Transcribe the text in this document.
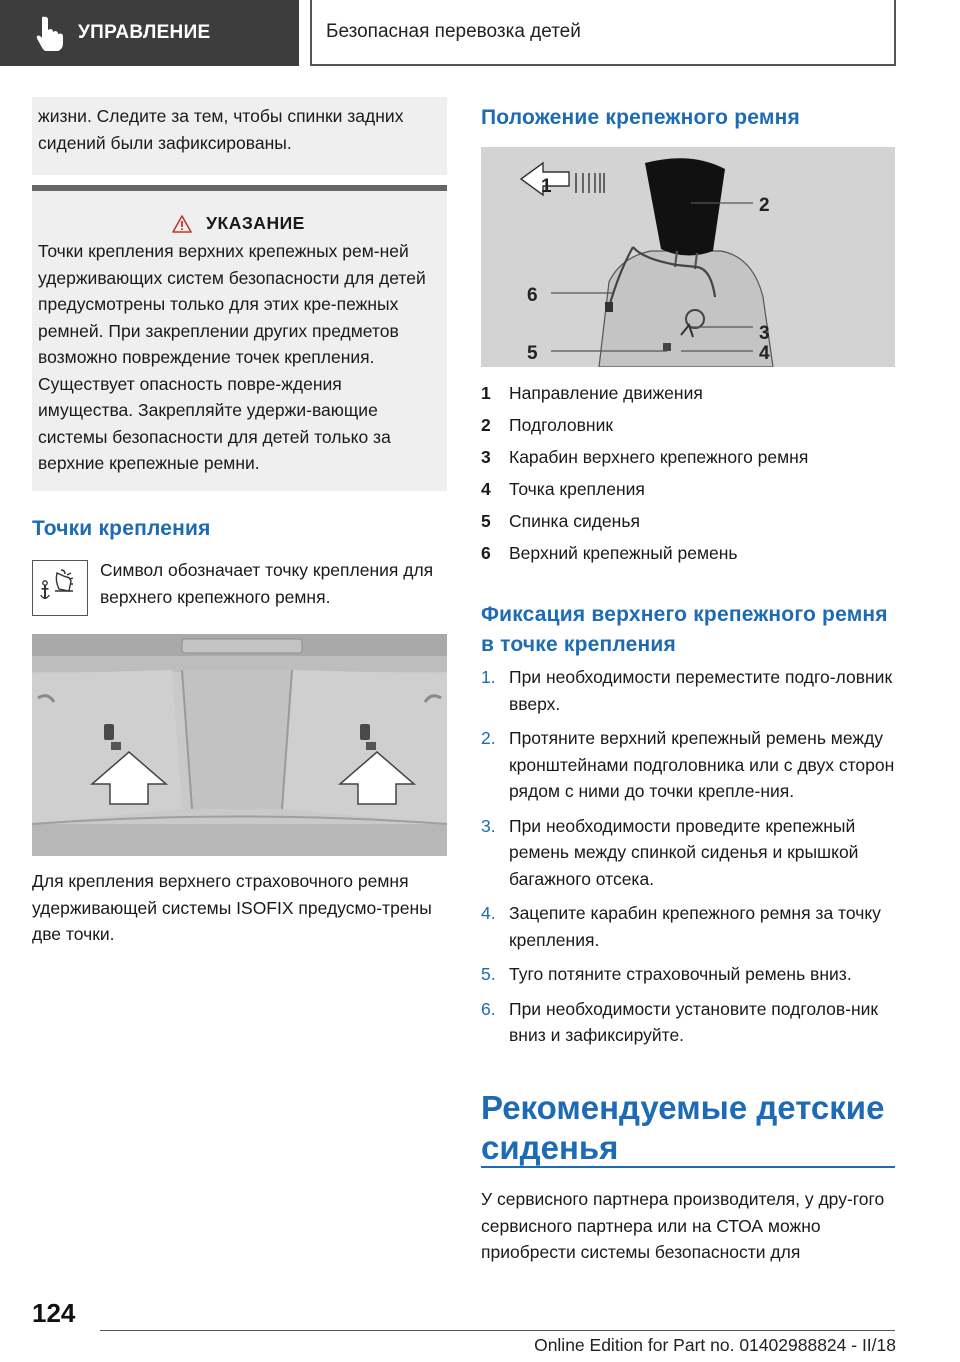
УПРАВЛЕНИЕ	Безопасная перевозка детей

жизни. Следите за тем, чтобы спинки задних сидений были зафиксированы.

УКАЗАНИЕ

Точки крепления верхних крепежных рем-ней удерживающих систем безопасности для детей предусмотрены только для этих кре-пежных ремней. При закреплении других предметов возможно повреждение точек крепления. Существует опасность повре-ждения имущества. Закрепляйте удержи-вающие системы безопасности для детей только за верхние крепежные ремни.

Точки крепления

Символ обозначает точку крепления для верхнего крепежного ремня.

Для крепления верхнего страховочного ремня удерживающей системы ISOFIX предусмо-трены две точки.

Положение крепежного ремня
1
2
3
4
5
6
1	Направление движения
2	Подголовник
3	Карабин верхнего крепежного ремня
4	Точка крепления
5	Спинка сиденья
6	Верхний крепежный ремень
Фиксация верхнего крепежного ремня в точке крепления
1. При необходимости переместите подго-ловник вверх.
2. Протяните верхний крепежный ремень между кронштейнами подголовника или с двух сторон рядом с ними до точки крепле-ния.
3. При необходимости проведите крепежный ремень между спинкой сиденья и крышкой багажного отсека.
4. Зацепите карабин крепежного ремня за точку крепления.
5. Туго потяните страховочный ремень вниз.
6. При необходимости установите подголов-ник вниз и зафиксируйте.
Рекомендуемые детские сиденья

У сервисного партнера производителя, у дру-гого сервисного партнера или на СТОА можно приобрести системы безопасности для

124
Online Edition for Part no. 01402988824 - II/18
